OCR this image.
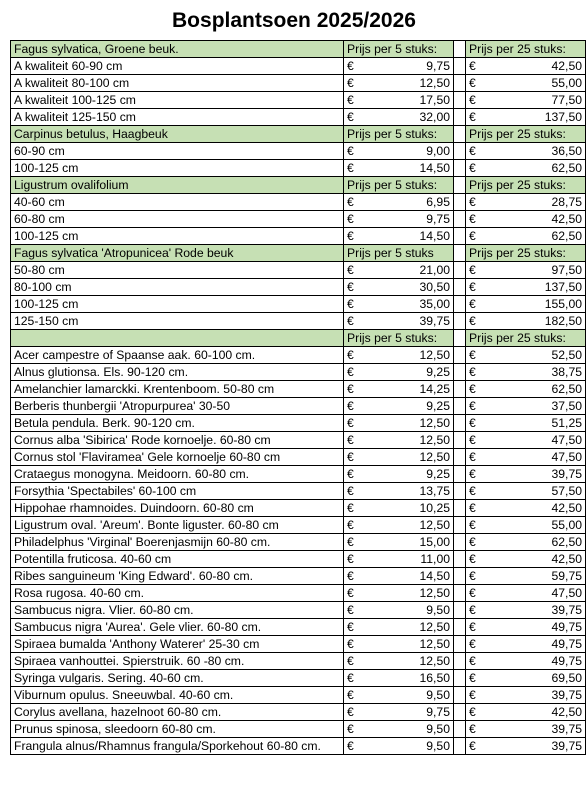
Bosplantsoen 2025/2026
Fagus sylvatica, Groene beuk.	Prijs per 5 stuks:		Prijs per 25 stuks:
A kwaliteit 60-90 cm	€ 9,75		€ 42,50

A kwaliteit 80-100 cm	€ 12,50		€ 55,00

A kwaliteit 100-125 cm	€ 17,50		€ 77,50

A kwaliteit 125-150 cm	€ 32,00		€ 137,50

Carpinus betulus, Haagbeuk	Prijs per 5 stuks:		Prijs per 25 stuks:
60-90 cm	€ 9,00		€ 36,50

100-125 cm	€ 14,50		€ 62,50

Ligustrum ovalifolium	Prijs per 5 stuks:		Prijs per 25 stuks:
40-60 cm	€ 6,95		€ 28,75

60-80 cm	€ 9,75		€ 42,50

100-125 cm	€ 14,50		€ 62,50

Fagus sylvatica 'Atropunicea' Rode beuk	Prijs per 5 stuks		Prijs per 25 stuks:
50-80 cm	€ 21,00		€ 97,50

80-100 cm	€ 30,50		€ 137,50

100-125 cm	€ 35,00		€ 155,00

125-150 cm	€ 39,75		€ 182,50

	Prijs per 5 stuks:		Prijs per 25 stuks:
Acer campestre of Spaanse aak. 60-100 cm.	€ 12,50		€ 52,50

Alnus glutionsa. Els. 90-120 cm.	€ 9,25		€ 38,75

Amelanchier lamarckki. Krentenboom. 50-80 cm	€ 14,25		€ 62,50

Berberis thunbergii 'Atropurpurea' 30-50	€ 9,25		€ 37,50

Betula pendula. Berk. 90-120 cm.	€ 12,50		€ 51,25

Cornus alba 'Sibirica' Rode kornoelje. 60-80 cm	€ 12,50		€ 47,50

Cornus stol 'Flaviramea' Gele kornoelje 60-80 cm	€ 12,50		€ 47,50

Crataegus monogyna. Meidoorn. 60-80 cm.	€ 9,25		€ 39,75

Forsythia 'Spectabiles' 60-100 cm	€ 13,75		€ 57,50

Hippohae rhamnoides. Duindoorn. 60-80 cm	€ 10,25		€ 42,50

Ligustrum oval. 'Areum'. Bonte liguster. 60-80 cm	€ 12,50		€ 55,00

Philadelphus 'Virginal' Boerenjasmijn 60-80 cm.	€ 15,00		€ 62,50

Potentilla fruticosa. 40-60 cm	€ 11,00		€ 42,50

Ribes sanguineum 'King Edward'. 60-80 cm.	€ 14,50		€ 59,75

Rosa rugosa. 40-60 cm.	€ 12,50		€ 47,50

Sambucus nigra. Vlier. 60-80 cm.	€ 9,50		€ 39,75

Sambucus nigra 'Aurea'. Gele vlier. 60-80 cm.	€ 12,50		€ 49,75

Spiraea bumalda 'Anthony Waterer' 25-30 cm	€ 12,50		€ 49,75

Spiraea vanhouttei. Spierstruik. 60 -80 cm.	€ 12,50		€ 49,75

Syringa vulgaris. Sering. 40-60 cm.	€ 16,50		€ 69,50

Viburnum opulus. Sneeuwbal. 40-60 cm.	€ 9,50		€ 39,75

Corylus avellana, hazelnoot 60-80 cm.	€ 9,75		€ 42,50

Prunus spinosa, sleedoorn 60-80 cm.	€ 9,50		€ 39,75

Frangula alnus/Rhamnus frangula/Sporkehout 60-80 cm.	€ 9,50		€ 39,75
